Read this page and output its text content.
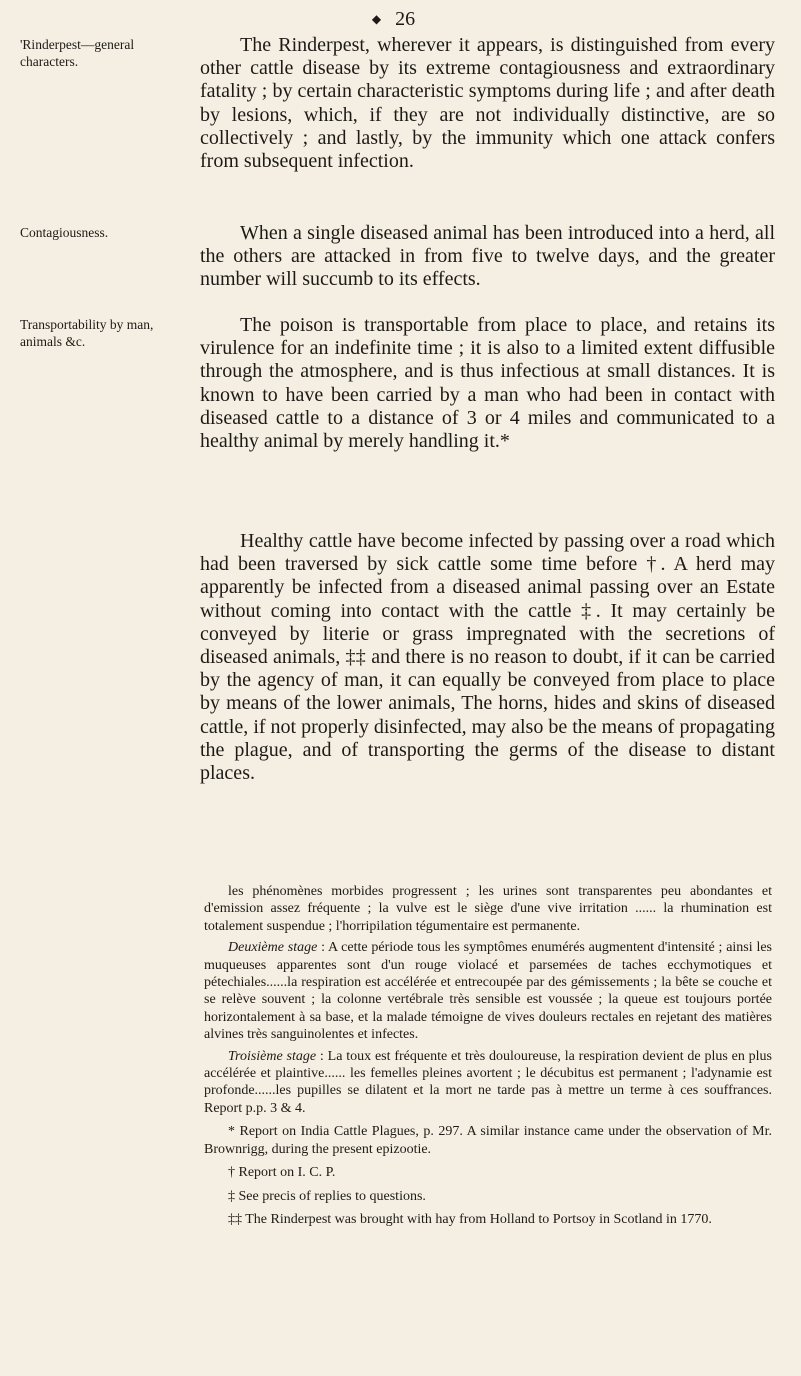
◆ 26
'Rinderpest—general characters.
The Rinderpest, wherever it appears, is distinguished from every other cattle disease by its extreme contagiousness and extraordinary fatality ; by certain characteristic symptoms during life ; and after death by lesions, which, if they are not individually distinctive, are so collectively ; and lastly, by the immunity which one attack confers from subsequent infection.
Contagiousness.	When a single diseased animal has been introduced into a herd, all the others are attacked in from five to twelve days, and the greater number will succumb to its effects.
Transportability by man, animals &c.
The poison is transportable from place to place, and retains its virulence for an indefinite time ; it is also to a limited extent diffusible through the atmosphere, and is thus infectious at small distances. It is known to have been carried by a man who had been in contact with diseased cattle to a distance of 3 or 4 miles and communicated to a healthy animal by merely handling it.*
Healthy cattle have become infected by passing over a road which had been traversed by sick cattle some time before †. A herd may apparently be infected from a diseased animal passing over an Estate without coming into contact with the cattle ‡. It may certainly be conveyed by literie or grass impregnated with the secretions of diseased animals, ‡‡ and there is no reason to doubt, if it can be carried by the agency of man, it can equally be conveyed from place to place by means of the lower animals, The horns, hides and skins of diseased cattle, if not properly disinfected, may also be the means of propagating the plague, and of transporting the germs of the disease to distant places.

les phénomènes morbides progressent ; les urines sont transparentes peu abondantes et d'emission assez fréquente ; la vulve est le siège d'une vive irritation ...... la rhumination est totalement suspendue ; l'horripilation tégumentaire est permanente.

Deuxième stage : A cette période tous les symptômes enumérés augmentent d'intensité ; ainsi les muqueuses apparentes sont d'un rouge violacé et parsemées de taches ecchymotiques et pétechiales......la respiration est accélérée et entrecoupée par des gémissements ; la bête se couche et se relève souvent ; la colonne vertébrale très sensible est voussée ; la queue est toujours portée horizontalement à sa base, et la malade témoigne de vives douleurs rectales en rejetant des matières alvines très sanguinolentes et infectes.

Troisième stage : La toux est fréquente et très douloureuse, la respiration devient de plus en plus accélérée et plaintive...... les femelles pleines avortent ; le décubitus est permanent ; l'adynamie est profonde......les pupilles se dilatent et la mort ne tarde pas à mettre un terme à ces souffrances. Report p.p. 3 & 4.

* Report on India Cattle Plagues, p. 297. A similar instance came under the observation of Mr. Brownrigg, during the present epizootie.

† Report on I. C. P.

‡ See precis of replies to questions.

‡‡ The Rinderpest was brought with hay from Holland to Portsoy in Scotland in 1770.
